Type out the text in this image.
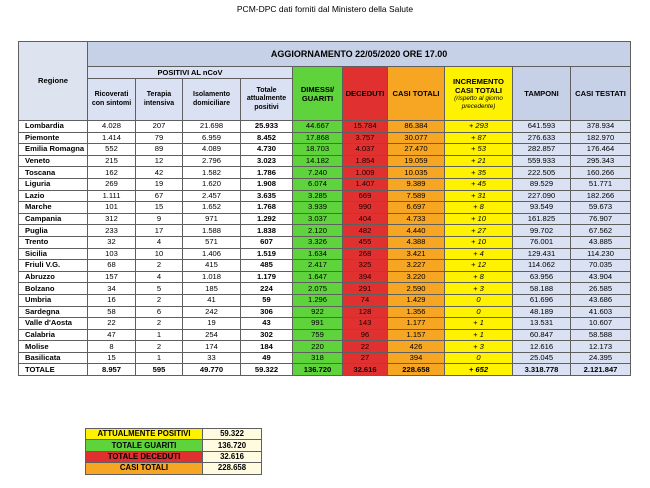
PCM-DPC dati forniti dal Ministero della Salute
Regione	AGGIORNAMENTO 22/05/2020 ORE 17.00									
	POSITIVI AL nCoV				DIMESSI/ GUARITI	DECEDUTI	CASI TOTALI	INCREMENTO CASI TOTALI
(rispetto al giorno precedente)	TAMPONI	CASI TESTATI
	Ricoverati con sintomi	Terapia intensiva	Isolamento domiciliare	Totale attualmente positivi						
Lombardia	4.028	207	21.698	25.933	44.667	15.784	86.384	+ 293	641.593	378.934
Piemonte	1.414	79	6.959	8.452	17.868	3.757	30.077	+ 87	276.633	182.970
Emilia Romagna	552	89	4.089	4.730	18.703	4.037	27.470	+ 53	282.857	176.464
Veneto	215	12	2.796	3.023	14.182	1.854	19.059	+ 21	559.933	295.343
Toscana	162	42	1.582	1.786	7.240	1.009	10.035	+ 35	222.505	160.266
Liguria	269	19	1.620	1.908	6.074	1.407	9.389	+ 45	89.529	51.771
Lazio	1.111	67	2.457	3.635	3.285	669	7.589	+ 31	227.090	182.266
Marche	101	15	1.652	1.768	3.939	990	6.697	+ 8	93.549	59.673
Campania	312	9	971	1.292	3.037	404	4.733	+ 10	161.825	76.907
Puglia	233	17	1.588	1.838	2.120	482	4.440	+ 27	99.702	67.562
Trento	32	4	571	607	3.326	455	4.388	+ 10	76.001	43.885
Sicilia	103	10	1.406	1.519	1.634	268	3.421	+ 4	129.431	114.230
Friuli V.G.	68	2	415	485	2.417	325	3.227	+ 12	114.062	70.035
Abruzzo	157	4	1.018	1.179	1.647	394	3.220	+ 8	63.956	43.904
Bolzano	34	5	185	224	2.075	291	2.590	+ 3	58.188	26.585
Umbria	16	2	41	59	1.296	74	1.429	0	61.696	43.686
Sardegna	58	6	242	306	922	128	1.356	0	48.189	41.603
Valle d'Aosta	22	2	19	43	991	143	1.177	+ 1	13.531	10.607
Calabria	47	1	254	302	759	96	1.157	+ 1	60.847	58.588
Molise	8	2	174	184	220	22	426	+ 3	12.616	12.173
Basilicata	15	1	33	49	318	27	394	0	25.045	24.395
TOTALE	8.957	595	49.770	59.322	136.720	32.616	228.658	+ 652	3.318.778	2.121.847
ATTUALMENTE POSITIVI	59.322
TOTALE GUARITI	136.720
TOTALE DECEDUTI	32.616
CASI TOTALI	228.658
